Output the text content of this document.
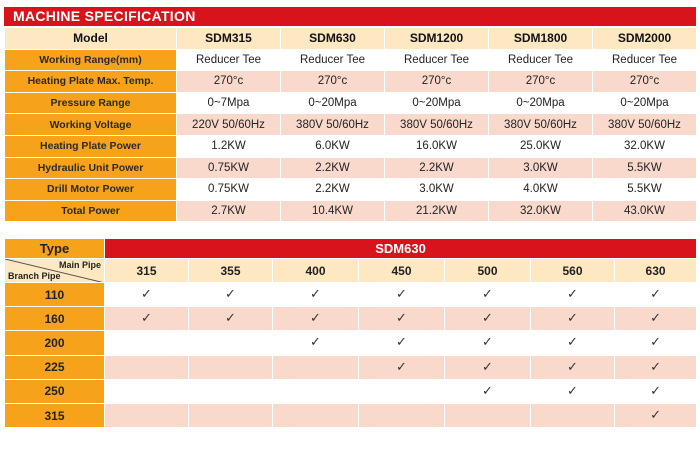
MACHINE SPECIFICATION
Model	SDM315	SDM630	SDM1200	SDM1800	SDM2000
Working Range(mm)	Reducer Tee	Reducer Tee	Reducer Tee	Reducer Tee	Reducer Tee
Heating Plate Max. Temp.	270°c	270°c	270°c	270°c	270°c
Pressure Range	0~7Mpa	0~20Mpa	0~20Mpa	0~20Mpa	0~20Mpa
Working Voltage	220V 50/60Hz	380V 50/60Hz	380V 50/60Hz	380V 50/60Hz	380V 50/60Hz
Heating Plate Power	1.2KW	6.0KW	16.0KW	25.0KW	32.0KW
Hydraulic Unit Power	0.75KW	2.2KW	2.2KW	3.0KW	5.5KW
Drill Motor Power	0.75KW	2.2KW	3.0KW	4.0KW	5.5KW
Total Power	2.7KW	10.4KW	21.2KW	32.0KW	43.0KW
Type	SDM630						

Main Pipe
Branch Pipe	315	355	400	450	500	560	630
110	✓	✓	✓	✓	✓	✓	✓
160	✓	✓	✓	✓	✓	✓	✓
200			✓	✓	✓	✓	✓
225				✓	✓	✓	✓
250					✓	✓	✓
315							✓
